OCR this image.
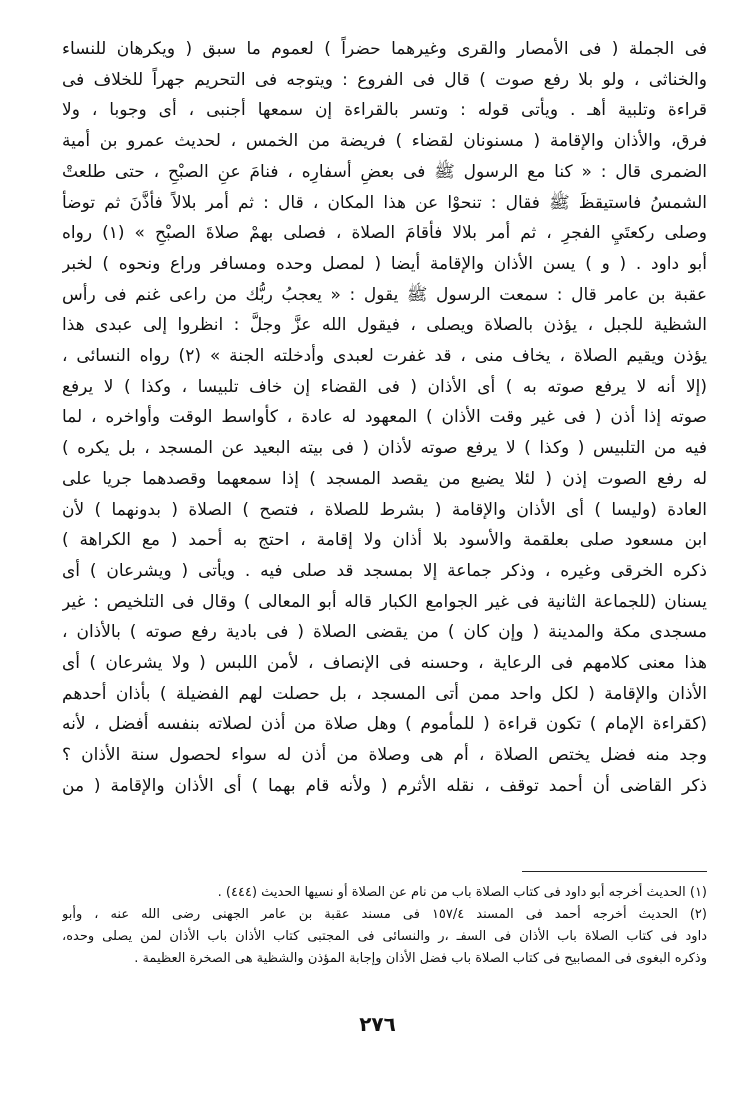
فى الجملة ( فى الأمصار والقرى وغيرهما حضراً ) لعموم ما سبق ( ويكرهان للنساء
والخناثى ، ولو بلا رفع صوت ) قال فى الفروع : ويتوجه فى التحريم جهراً للخلاف فى
قراءة وتلبية أهـ . ويأتى قوله : وتسر بالقراءة إن سمعها أجنبى ، أى وجوبا ، ولا
فرق، والأذان والإقامة ( مسنونان لقضاء ) فريضة من الخمس ، لحديث عمرو بن أمية
الضمرى قال : « كنا مع الرسول ﷺ فى بعضِ أسفارِه ، فنامَ عنِ الصبْحِ ، حتى طلعتْ
الشمسُ فاستيقظَ ﷺ فقال : تنحوْا عن هذا المكان ، قال : ثم أمر بلالاً فأذَّنَ ثم توضأ
وصلى ركعتَيِ الفجرِ ، ثم أمر بلالا فأقامَ الصلاة ، فصلى بهمْ صلاةَ الصبْحِ » (١) رواه
أبو داود . ( و ) يسن الأذان والإقامة أيضا ( لمصل وحده ومسافر وراع ونحوه ) لخبر
عقبة بن عامر قال : سمعت الرسول ﷺ يقول : « يعجبُ ربُّك من راعى غنم فى رأس
الشظية للجبل ، يؤذن بالصلاة ويصلى ، فيقول الله عزَّ وجلَّ : انظروا إلى عبدى هذا
يؤذن ويقيم الصلاة ، يخاف منى ، قد غفرت لعبدى وأدخلته الجنة » (٢) رواه النسائى ،
(إلا أنه لا يرفع صوته به ) أى الأذان ( فى القضاء إن خاف تلبيسا ، وكذا ) لا يرفع
صوته إذا أذن ( فى غير وقت الأذان ) المعهود له عادة ، كأواسط الوقت وأواخره ، لما
فيه من التلبيس ( وكذا ) لا يرفع صوته لأذان ( فى بيته البعيد عن المسجد ، بل يكره )
له رفع الصوت إذن ( لئلا يضيع من يقصد المسجد ) إذا سمعهما وقصدهما جريا على
العادة (وليسا ) أى الأذان والإقامة ( بشرط للصلاة ، فتصح ) الصلاة ( بدونهما ) لأن
ابن مسعود صلى بعلقمة والأسود بلا أذان ولا إقامة ، احتج به أحمد ( مع الكراهة )
ذكره الخرقى وغيره ، وذكر جماعة إلا بمسجد قد صلى فيه . ويأتى ( ويشرعان ) أى
يسنان (للجماعة الثانية فى غير الجوامع الكبار قاله أبو المعالى ) وقال فى التلخيص : غير
مسجدى مكة والمدينة ( وإن كان ) من يقضى الصلاة ( فى بادية رفع صوته ) بالأذان ،
هذا معنى كلامهم فى الرعاية ، وحسنه فى الإنصاف ، لأمن اللبس ( ولا يشرعان ) أى
الأذان والإقامة ( لكل واحد ممن أتى المسجد ، بل حصلت لهم الفضيلة ) بأذان أحدهم
(كقراءة الإمام ) تكون قراءة ( للمأموم ) وهل صلاة من أذن لصلاته بنفسه أفضل ، لأنه
وجد منه فضل يختص الصلاة ، أم هى وصلاة من أذن له سواء لحصول سنة الأذان ؟
ذكر القاضى أن أحمد توقف ، نقله الأثرم ( ولأنه قام بهما ) أى الأذان والإقامة ( من

(١) الحديث أخرجه أبو داود فى كتاب الصلاة باب من نام عن الصلاة أو نسيها الحديث (٤٤٤) .
(٢) الحديث أخرجه أحمد فى المسند ١٥٧/٤ فى مسند عقبة بن عامر الجهنى رضى الله عنه ، وأبو
داود فى كتاب الصلاة باب الأذان فى السفـ ،ر والنسائى فى المجتبى كتاب الأذان باب الأذان لمن يصلى وحده،
وذكره البغوى فى المصابيح فى كتاب الصلاة باب فضل الأذان وإجابة المؤذن والشظية هى الصخرة العظيمة .
٢٧٦
